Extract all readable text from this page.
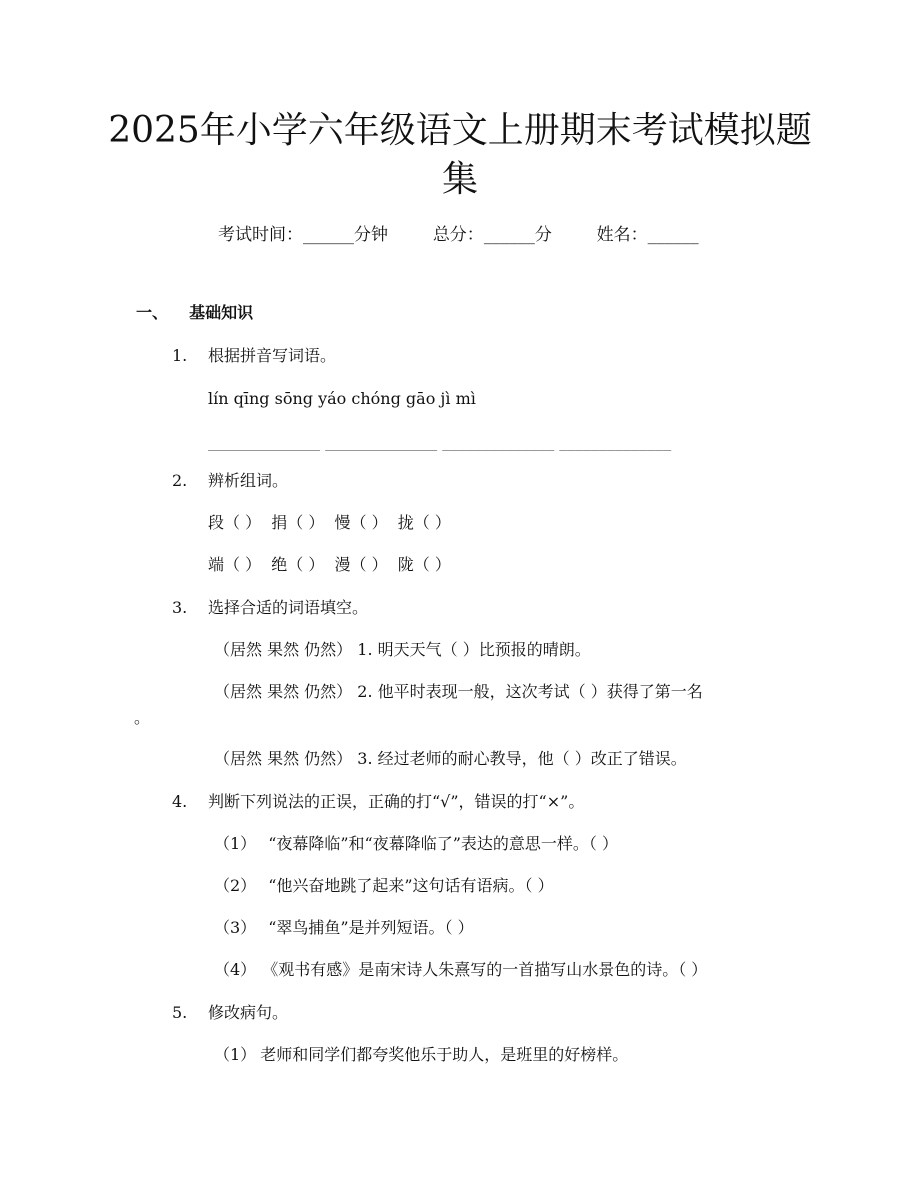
2025年小学六年级语文上册期末考试模拟题
集
考试时间：______分钟	总分：______分	姓名：______
一、 基础知识
1. 根据拼音写词语。
lín qīng sōng yáo chóng gāo jì mì
______________ ______________ ______________ ______________
2. 辨析组词。
段（ ） 捐（ ） 慢（ ） 拢（ ）
端（ ） 绝（ ） 漫（ ） 陇（ ）
3. 选择合适的词语填空。
（居然 果然 仍然） 1. 明天天气（ ）比预报的晴朗。
（居然 果然 仍然） 2. 他平时表现一般，这次考试（ ）获得了第一名
。
（居然 果然 仍然） 3. 经过老师的耐心教导，他（ ）改正了错误。
4. 判断下列说法的正误，正确的打“√”，错误的打“×”。
（1） “夜幕降临”和“夜幕降临了”表达的意思一样。（ ）
（2） “他兴奋地跳了起来”这句话有语病。（ ）
（3） “翠鸟捕鱼”是并列短语。（ ）
（4） 《观书有感》是南宋诗人朱熹写的一首描写山水景色的诗。（ ）
5. 修改病句。
（1） 老师和同学们都夸奖他乐于助人，是班里的好榜样。
